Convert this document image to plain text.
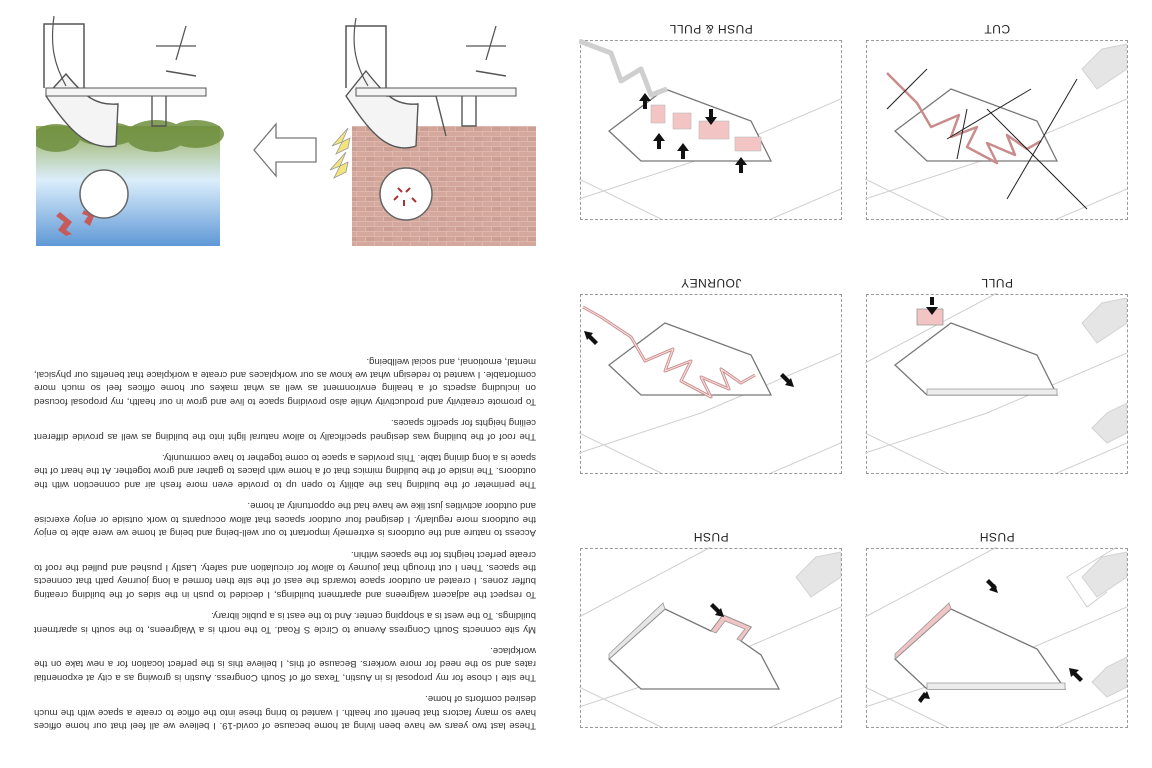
PUSH
PUSH
PULL
JOURNEY
CUT
PUSH & PULL

These last two years we have been living at home because of covid-19. I believe we all feel that our home offices have so many factors that benefit our health. I wanted to bring these into the office to create a space with the much desired comforts of home.

The site I chose for my proposal is in Austin, Texas off of South Congress. Austin is growing as a city at exponential rates and so the need for more workers. Because of this, I believe this is the perfect location for a new take on the workplace.

My site connects South Congress Avenue to Circle S Road. To the north is a Walgreens, to the south is apartment buildings. To the west is a shopping center. And to the east is a public library.

To respect the adjacent walgreens and apartment buildings, I decided to push in the sides of the building creating buffer zones. I created an outdoor space towards the east of the site then formed a long journey path that connects the spaces. Then I cut through that journey to allow for circulation and safety. Lastly I pushed and pulled the roof to create perfect heights for the spaces within.

Access to nature and the outdoors is extremely important to our well-being and being at home we were able to enjoy the outdoors more regularly. I designed four outdoor spaces that allow occupants to work outside or enjoy exercise and outdoor activities just like we have had the opportunity at home.

The perimeter of the building has the ability to open up to provide even more fresh air and connection with the outdoors. The inside of the building mimics that of a home with places to gather and grow together. At the heart of the space is a long dining table. This provides a space to come together to have community.

The roof of the building was designed specifically to allow natural light into the building as well as provide different ceiling heights for specific spaces.

To promote creativity and productivity while also providing space to live and grow in our health, my proposal focused on including aspects of a healing environment as well as what makes our home offices feel so much more comfortable. I wanted to redesign what we know as our workplaces and create a workplace that benefits our physical, mental, emotional, and social wellbeing.
